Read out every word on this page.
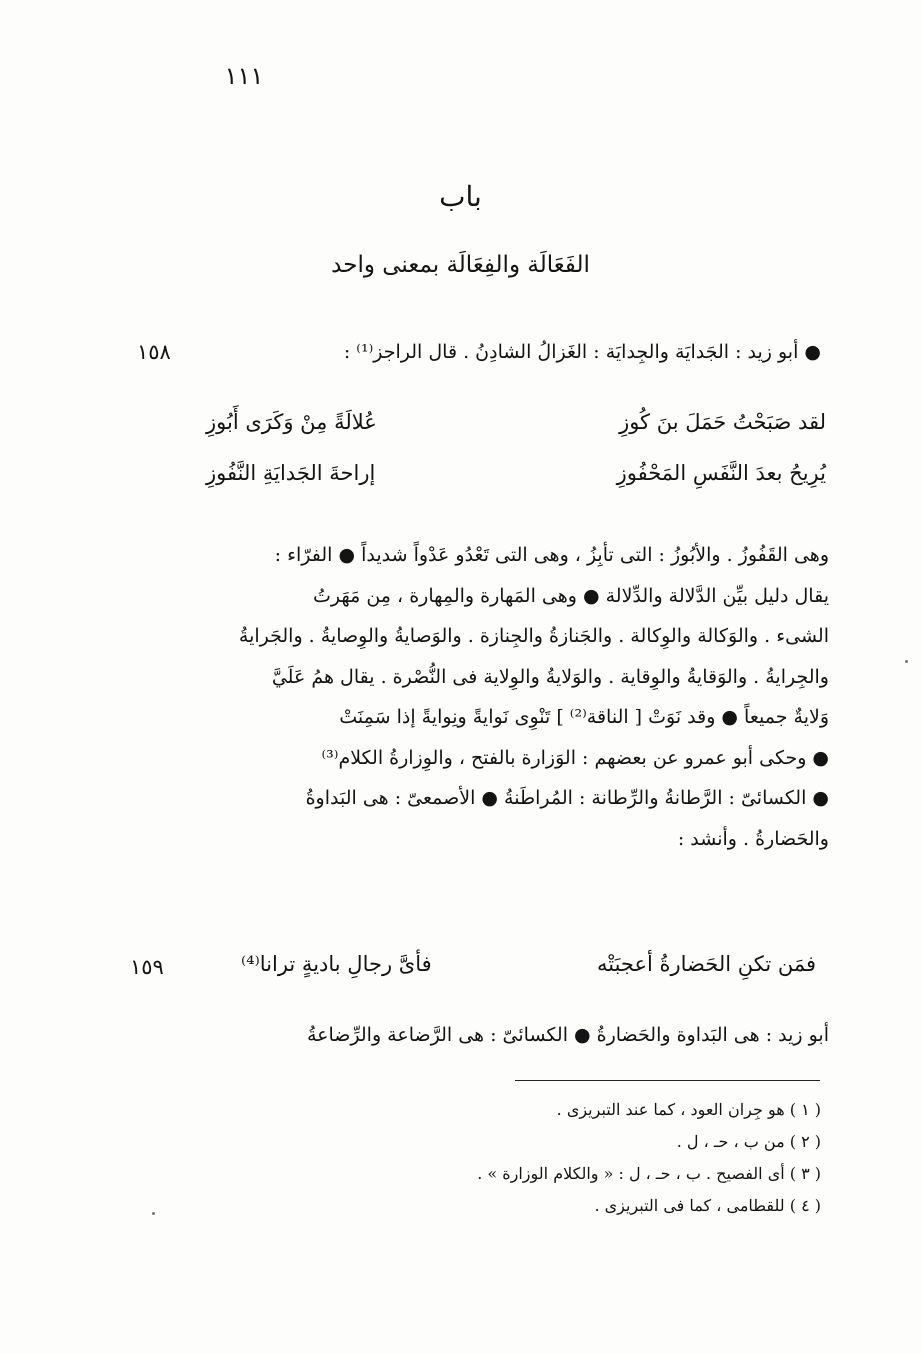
١١١
باب
الفَعَالَة والفِعَالَة بمعنى واحد
١٥٨	● أبو زيد : الجَدايَة والجِدايَة : الغَزالُ الشادِنُ . قال الراجز⁽¹⁾ :
لقد صَبَحْتُ حَمَلَ بنَ كُوزِ
عُلالَةً مِنْ وَكَرَى أَبُوزِ
يُرِيحُ بعدَ النَّفَسِ المَحْفُوزِ
إراحةَ الجَدايَةِ النَّفُوزِ
وهى القَفُوزُ . والأبُوزُ : التى تأبِزُ ، وهى التى تَعْدُو عَدْواً شديداً ● الفرّاء :
يقال دليل بيِّن الدَّلالة والدِّلالة ● وهى المَهارة والمِهارة ، مِن مَهَرتُ
الشىء . والوَكالة والوِكالة . والجَنازةُ والجِنازة . والوَصايةُ والوِصايةُ . والجَرايةُ
والجِرايةُ . والوَقايةُ والوِقاية . والوَلايةُ والوِلاية فى النُّصْرة . يقال همُ عَلَيَّ
وَلايةٌ جميعاً ● وقد نَوَتْ [ الناقة⁽²⁾ ] تَنْوِى نَوايةً ونِوايةً إذا سَمِنَتْ
● وحكى أبو عمرو عن بعضهم : الوَزارة بالفتح ، والوِزارةُ الكلام⁽³⁾
● الكسائىّ : الرَّطانةُ والرِّطانة : المُراطَنةُ ● الأصمعىّ : هى البَداوةُ
والحَضارةُ . وأنشد :
١٥٩	فمَن تكنِ الحَضارةُ أعجبَتْه
فأىَّ رجالِ باديةٍ ترانا⁽⁴⁾
أبو زيد : هى البَداوة والحَضارةُ ● الكسائىّ : هى الرَّضاعة والرِّضاعةُ
( ١ ) هو جِران العود ، كما عند التبريزى .
( ٢ ) من ب ، حـ ، ل .
( ٣ ) أى الفصيح . ب ، حـ ، ل : « والكلام الوزارة » .
( ٤ ) للقطامى ، كما فى التبريزى .
